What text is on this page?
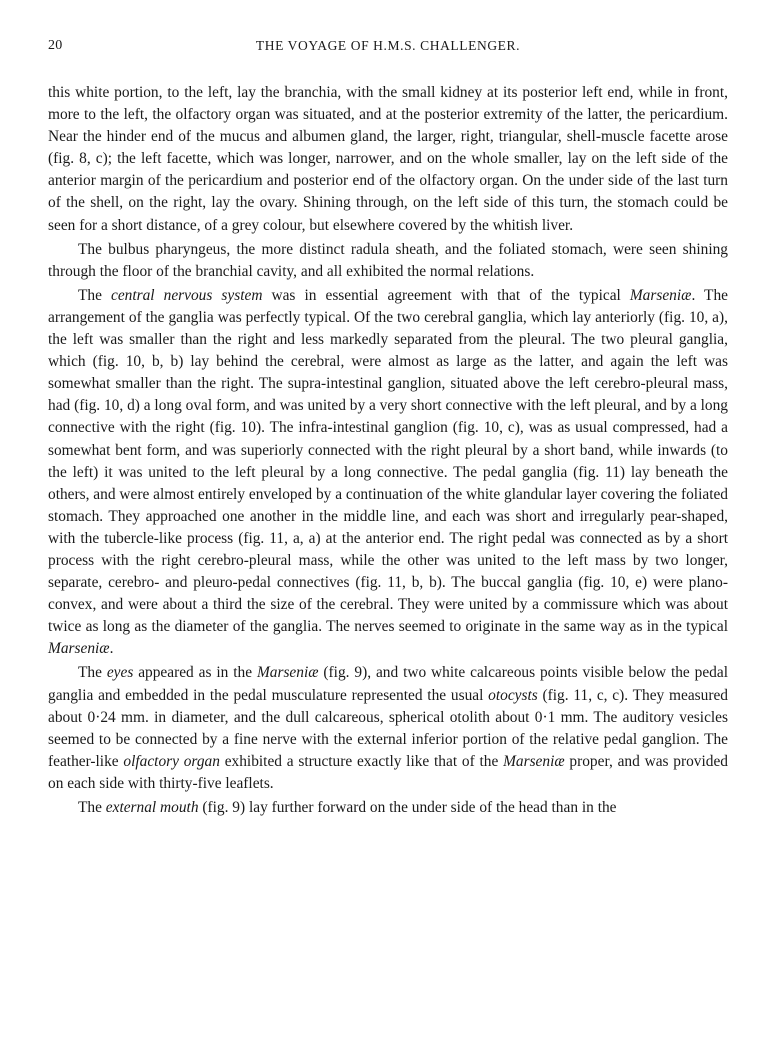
20	THE VOYAGE OF H.M.S. CHALLENGER.

this white portion, to the left, lay the branchia, with the small kidney at its posterior left end, while in front, more to the left, the olfactory organ was situated, and at the posterior extremity of the latter, the pericardium. Near the hinder end of the mucus and albumen gland, the larger, right, triangular, shell-muscle facette arose (fig. 8, c); the left facette, which was longer, narrower, and on the whole smaller, lay on the left side of the anterior margin of the pericardium and posterior end of the olfactory organ. On the under side of the last turn of the shell, on the right, lay the ovary. Shining through, on the left side of this turn, the stomach could be seen for a short distance, of a grey colour, but elsewhere covered by the whitish liver.

The bulbus pharyngeus, the more distinct radula sheath, and the foliated stomach, were seen shining through the floor of the branchial cavity, and all exhibited the normal relations.

The central nervous system was in essential agreement with that of the typical Marseniæ. The arrangement of the ganglia was perfectly typical. Of the two cerebral ganglia, which lay anteriorly (fig. 10, a), the left was smaller than the right and less markedly separated from the pleural. The two pleural ganglia, which (fig. 10, b, b) lay behind the cerebral, were almost as large as the latter, and again the left was somewhat smaller than the right. The supra-intestinal ganglion, situated above the left cerebro-pleural mass, had (fig. 10, d) a long oval form, and was united by a very short connective with the left pleural, and by a long connective with the right (fig. 10). The infra-intestinal ganglion (fig. 10, c), was as usual compressed, had a somewhat bent form, and was superiorly connected with the right pleural by a short band, while inwards (to the left) it was united to the left pleural by a long connective. The pedal ganglia (fig. 11) lay beneath the others, and were almost entirely enveloped by a continuation of the white glandular layer covering the foliated stomach. They approached one another in the middle line, and each was short and irregularly pear-shaped, with the tubercle-like process (fig. 11, a, a) at the anterior end. The right pedal was connected as by a short process with the right cerebro-pleural mass, while the other was united to the left mass by two longer, separate, cerebro- and pleuro-pedal connectives (fig. 11, b, b). The buccal ganglia (fig. 10, e) were plano-convex, and were about a third the size of the cerebral. They were united by a commissure which was about twice as long as the diameter of the ganglia. The nerves seemed to originate in the same way as in the typical Marseniæ.

The eyes appeared as in the Marseniæ (fig. 9), and two white calcareous points visible below the pedal ganglia and embedded in the pedal musculature represented the usual otocysts (fig. 11, c, c). They measured about 0·24 mm. in diameter, and the dull calcareous, spherical otolith about 0·1 mm. The auditory vesicles seemed to be connected by a fine nerve with the external inferior portion of the relative pedal ganglion. The feather-like olfactory organ exhibited a structure exactly like that of the Marseniæ proper, and was provided on each side with thirty-five leaflets.

The external mouth (fig. 9) lay further forward on the under side of the head than in the
